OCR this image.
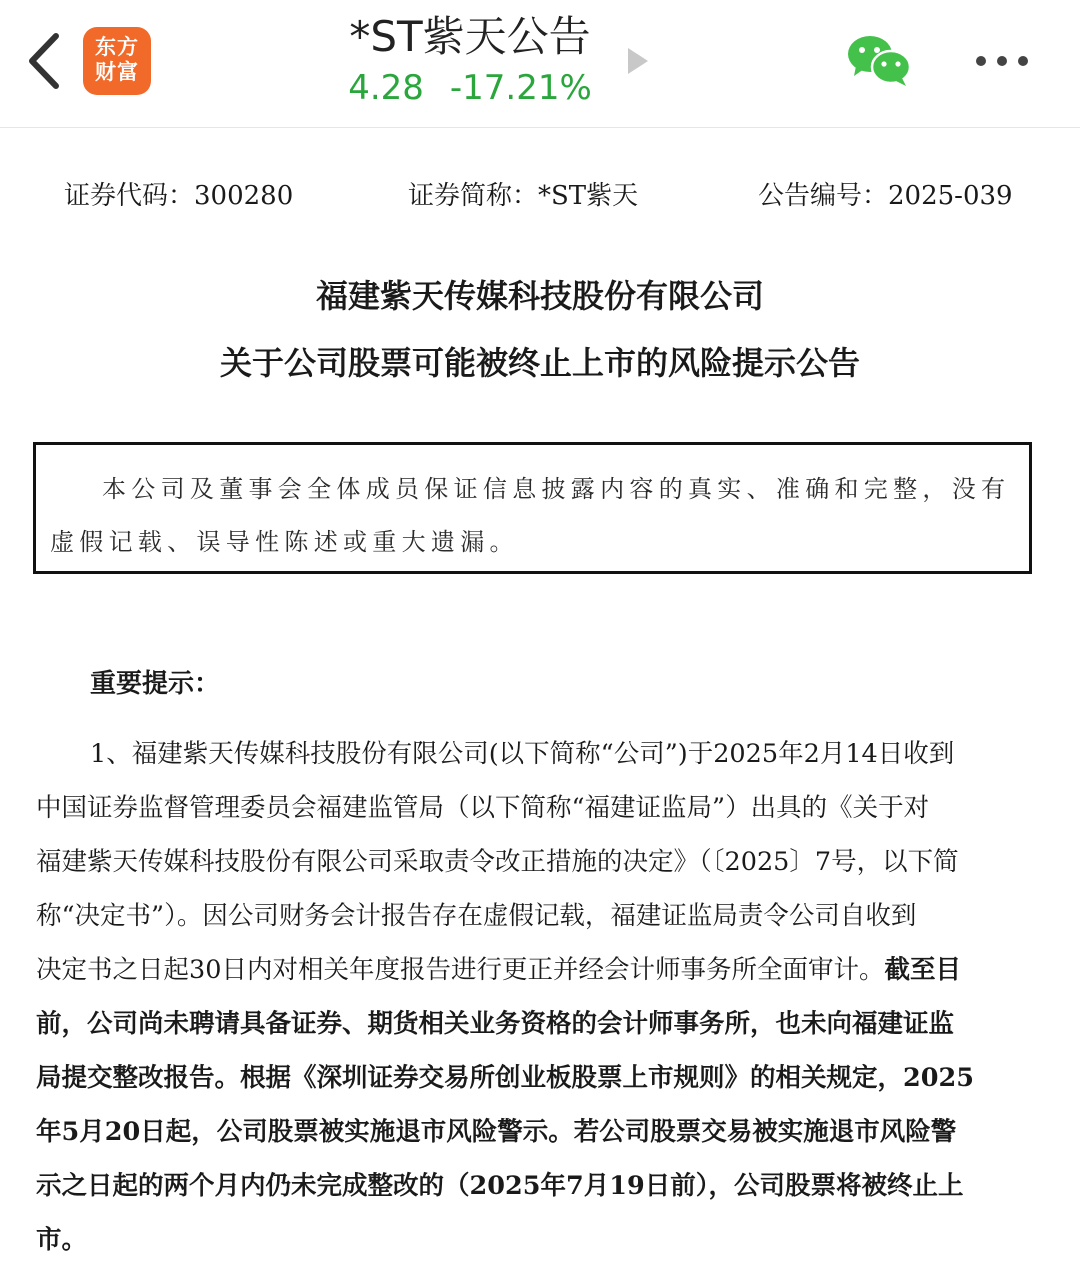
东方
财富
*ST紫天公告
4.28 -17.21%
证券代码：300280	证券简称：*ST紫天	公告编号：2025-039
福建紫天传媒科技股份有限公司
关于公司股票可能被终止上市的风险提示公告
本公司及董事会全体成员保证信息披露内容的真实、准确和完整，没有虚假记载、误导性陈述或重大遗漏。
重要提示：
1、福建紫天传媒科技股份有限公司(以下简称“公司”)于2025年2月14日收到
中国证券监督管理委员会福建监管局（以下简称“福建证监局”）出具的《关于对
福建紫天传媒科技股份有限公司采取责令改正措施的决定》（〔2025〕7号，以下简
称“决定书”）。因公司财务会计报告存在虚假记载，福建证监局责令公司自收到
决定书之日起30日内对相关年度报告进行更正并经会计师事务所全面审计。截至目
前，公司尚未聘请具备证券、期货相关业务资格的会计师事务所，也未向福建证监
局提交整改报告。根据《深圳证券交易所创业板股票上市规则》的相关规定，2025
年5月20日起，公司股票被实施退市风险警示。若公司股票交易被实施退市风险警
示之日起的两个月内仍未完成整改的（2025年7月19日前），公司股票将被终止上
市。
